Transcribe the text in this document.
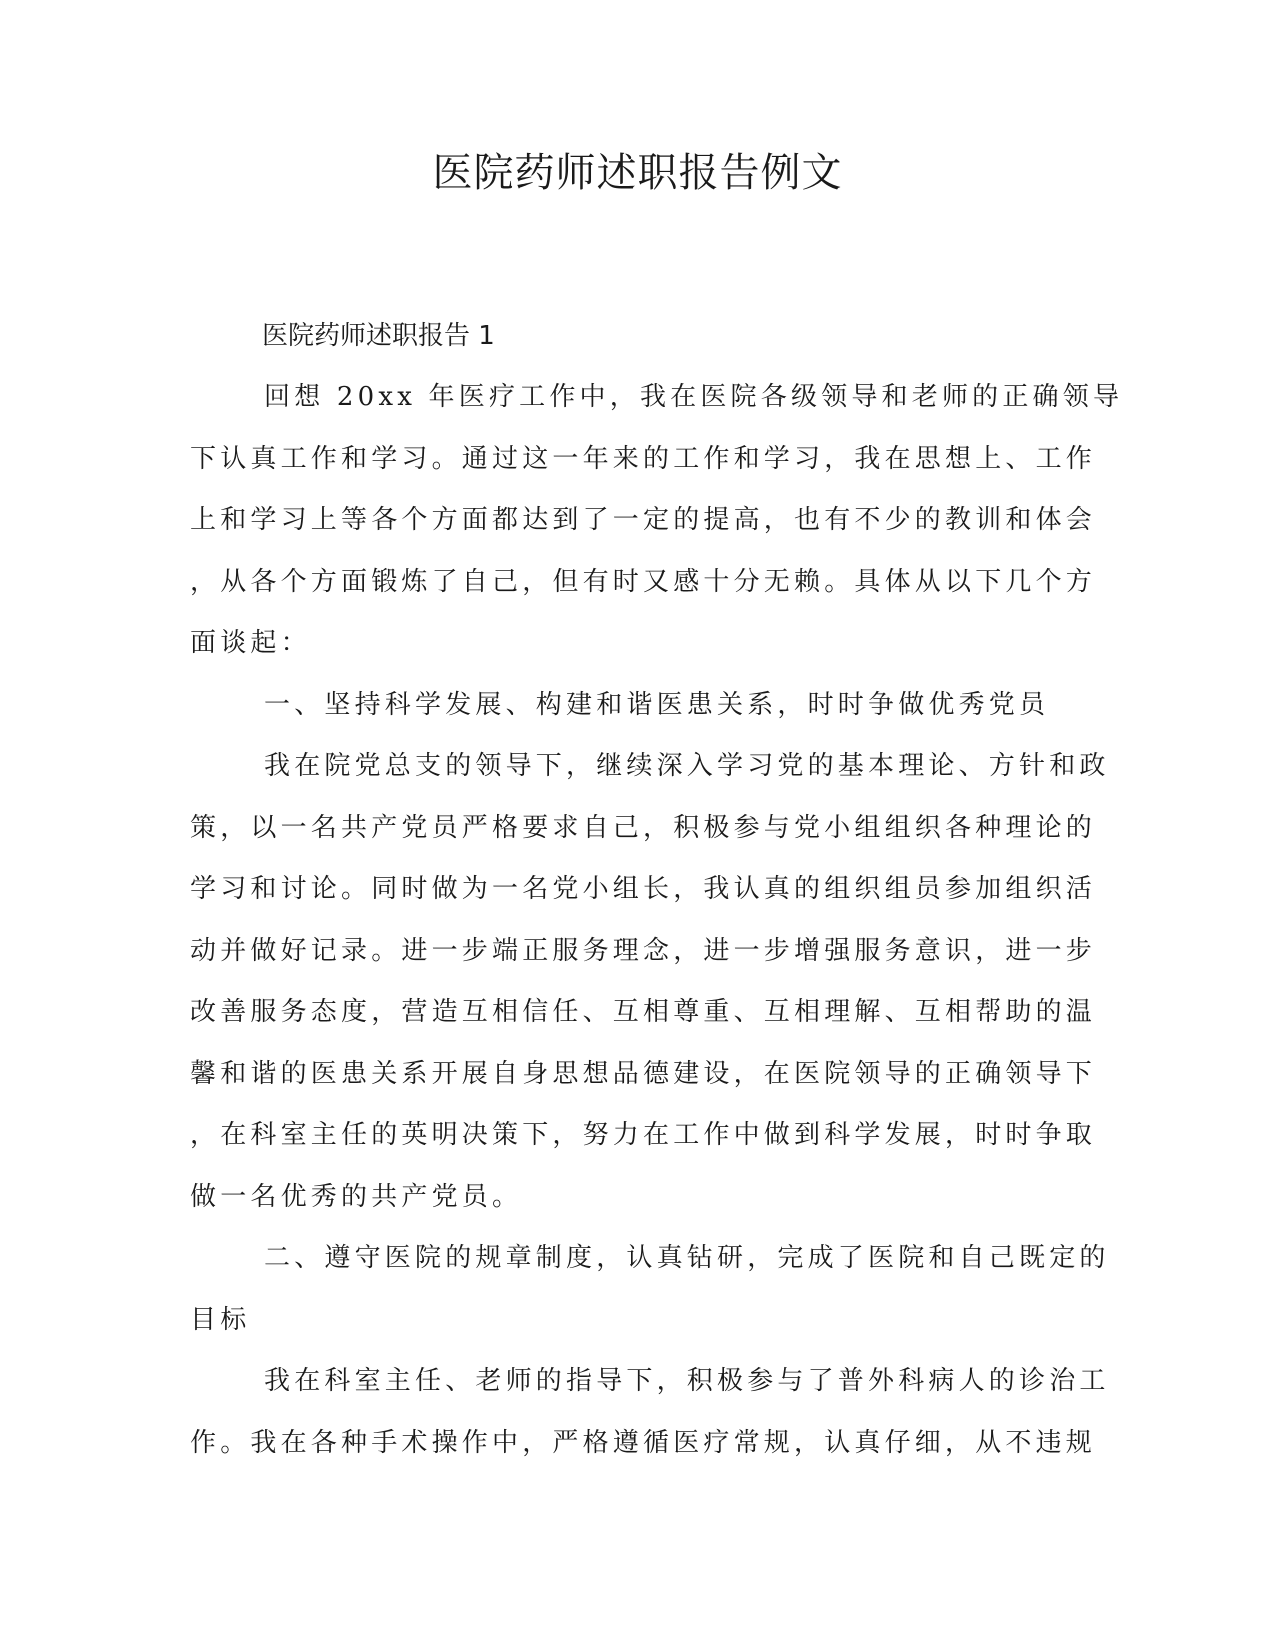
医院药师述职报告例文
医院药师述职报告 1
回想 20xx 年医疗工作中，我在医院各级领导和老师的正确领导
下认真工作和学习。通过这一年来的工作和学习，我在思想上、工作
上和学习上等各个方面都达到了一定的提高，也有不少的教训和体会
，从各个方面锻炼了自己，但有时又感十分无赖。具体从以下几个方
面谈起：
一、坚持科学发展、构建和谐医患关系，时时争做优秀党员
我在院党总支的领导下，继续深入学习党的基本理论、方针和政
策，以一名共产党员严格要求自己，积极参与党小组组织各种理论的
学习和讨论。同时做为一名党小组长，我认真的组织组员参加组织活
动并做好记录。进一步端正服务理念，进一步增强服务意识，进一步
改善服务态度，营造互相信任、互相尊重、互相理解、互相帮助的温
馨和谐的医患关系开展自身思想品德建设，在医院领导的正确领导下
，在科室主任的英明决策下，努力在工作中做到科学发展，时时争取
做一名优秀的共产党员。
二、遵守医院的规章制度，认真钻研，完成了医院和自己既定的
目标
我在科室主任、老师的指导下，积极参与了普外科病人的诊治工
作。我在各种手术操作中，严格遵循医疗常规，认真仔细，从不违规
